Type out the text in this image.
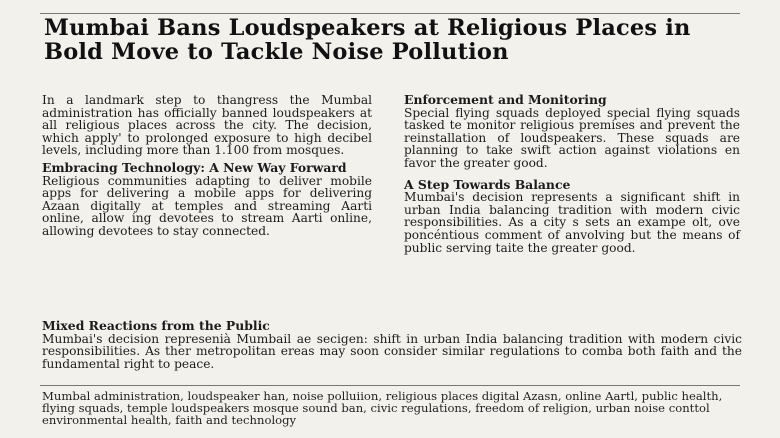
Mumbai Bans Loudspeakers at Religious Places in Bold Move to Tackle Noise Pollution

In a landmark step to thangress the Mumbal administration has officially banned loudspeakers at all religious places across the city. The decision, which apply' to prolonged exposure to high decibel levels, including more than 1.100 from mosques.

Embracing Technology: A New Way Forward

Religious communities adapting to deliver mobile apps for delivering a mobile apps for delivering Azaan digitally at temples and streaming Aarti online, allow ing devotees to stream Aarti online, allowing devotees to stay connected.

Enforcement and Monitoring

Special flying squads deployed special flying squads tasked te monitor religious premises and prevent the reinstallation of loudspeakers. These squads are planning to take swift action against violations en favor the greater good.

A Step Towards Balance

Mumbai's decision represents a significant shift in urban India balancing tradition with modern civic responsibilities. As a city s sets an exampe olt, ove poncéntious comment of anvolving but the means of public serving taite the greater good.

Mixed Reactions from the Public

Mumbai's decision represenià Mumbail ae secigen: shift in urban India balancing tradition with modern civic responsibilities. As ther metropolitan ereas may soon consider similar regulations to comba both faith and the fundamental right to peace.

Mumbal administration, loudspeaker han, noise polluiion, religious places digital Azasn, online Aartl, public health, flying squads, temple loudspeakers mosque sound ban, civic regulations, freedom of religion, urban noise conttol environmental health, faith and technology
